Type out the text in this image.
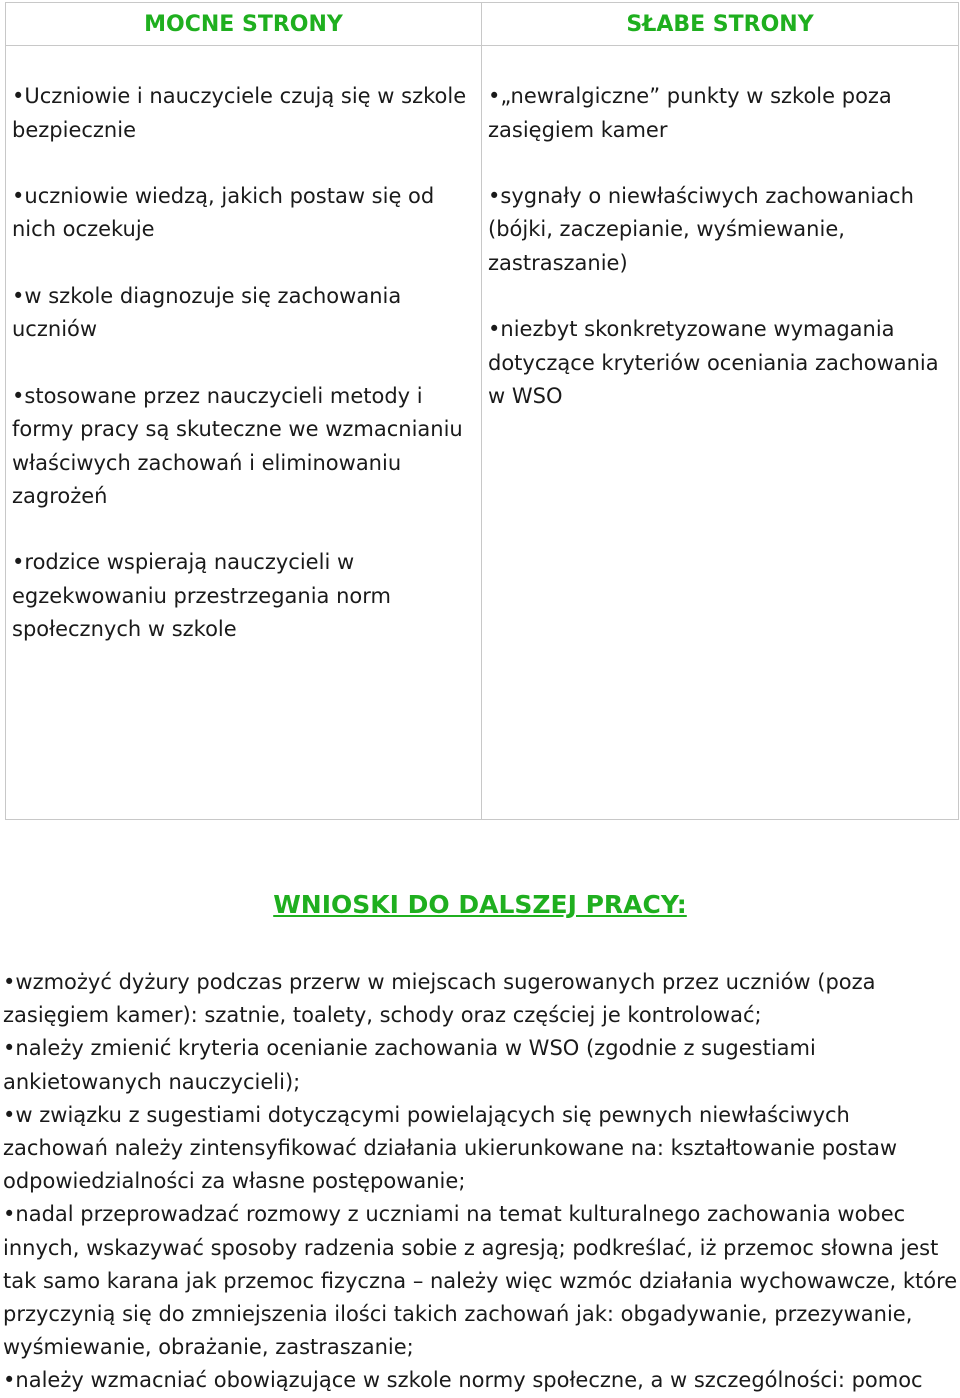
MOCNE STRONY	SŁABE STRONY

• Uczniowie i nauczyciele czują się w szkole bezpiecznie

• uczniowie wiedzą, jakich postaw się od nich oczekuje

• w szkole diagnozuje się zachowania uczniów

• stosowane przez nauczycieli metody i formy pracy są skuteczne we wzmacnianiu właściwych zachowań i eliminowaniu zagrożeń

• rodzice wspierają nauczycieli w egzekwowaniu przestrzegania norm społecznych w szkole

• „newralgiczne” punkty w szkole poza zasięgiem kamer

• sygnały o niewłaściwych zachowaniach (bójki, zaczepianie, wyśmiewanie, zastraszanie)

• niezbyt skonkretyzowane wymagania dotyczące kryteriów oceniania zachowania w WSO

WNIOSKI DO DALSZEJ PRACY:

• wzmożyć dyżury podczas przerw w miejscach sugerowanych przez uczniów (poza zasięgiem kamer): szatnie, toalety, schody oraz częściej je kontrolować;

• należy zmienić kryteria ocenianie zachowania w WSO (zgodnie z sugestiami ankietowanych nauczycieli);

• w związku z sugestiami dotyczącymi powielających się pewnych niewłaściwych zachowań należy zintensyfikować działania ukierunkowane na: kształtowanie postaw odpowiedzialności za własne postępowanie;

• nadal przeprowadzać rozmowy z uczniami na temat kulturalnego zachowania wobec innych, wskazywać sposoby radzenia sobie z agresją; podkreślać, iż przemoc słowna jest tak samo karana jak przemoc fizyczna – należy więc wzmóc działania wychowawcze, które przyczynią się do zmniejszenia ilości takich zachowań jak: obgadywanie, przezywanie, wyśmiewanie, obrażanie, zastraszanie;

• należy wzmacniać obowiązujące w szkole normy społeczne, a w szczególności: pomoc
